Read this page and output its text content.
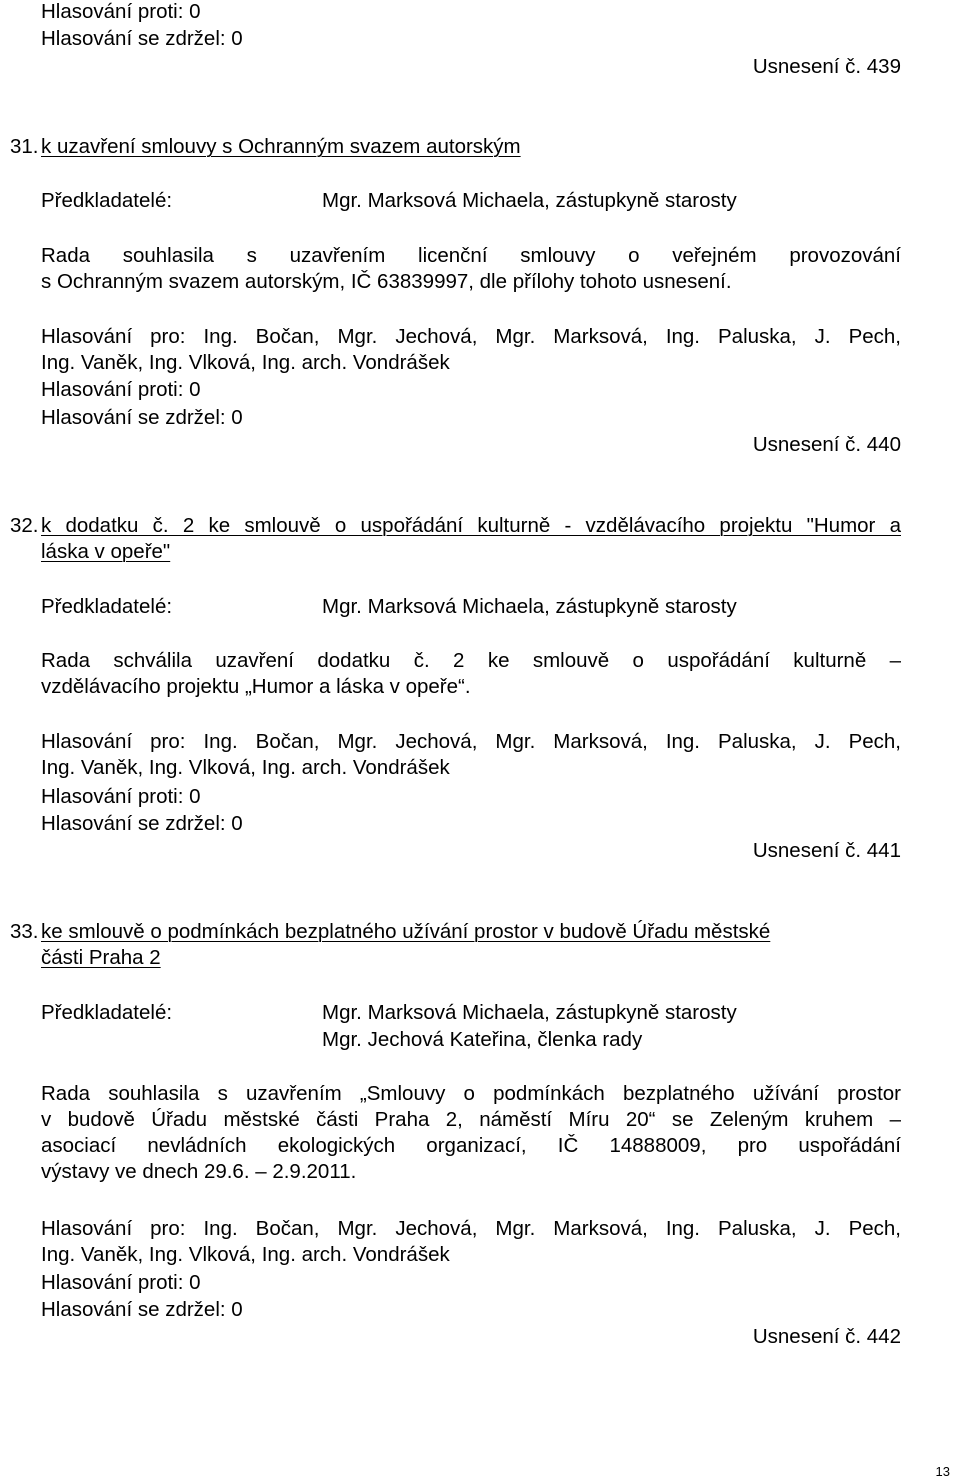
Hlasování proti: 0
Hlasování se zdržel: 0
Usnesení č. 439
31. k uzavření smlouvy s Ochranným svazem autorským
Předkladatelé:	Mgr. Marksová Michaela, zástupkyně starosty
Rada souhlasila s uzavřením licenční smlouvy o veřejném provozování
s Ochranným svazem autorským, IČ 63839997, dle přílohy tohoto usnesení.
Hlasování pro: Ing. Bočan, Mgr. Jechová, Mgr. Marksová, Ing. Paluska, J. Pech,
Ing. Vaněk, Ing. Vlková, Ing. arch. Vondrášek
Hlasování proti: 0
Hlasování se zdržel: 0
Usnesení č. 440
32. k dodatku č. 2 ke smlouvě o uspořádání kulturně - vzdělávacího projektu "Humor a
láska v opeře"
Předkladatelé:	Mgr. Marksová Michaela, zástupkyně starosty
Rada schválila uzavření dodatku č. 2 ke smlouvě o uspořádání kulturně –
vzdělávacího projektu „Humor a láska v opeře“.
Hlasování pro: Ing. Bočan, Mgr. Jechová, Mgr. Marksová, Ing. Paluska, J. Pech,
Ing. Vaněk, Ing. Vlková, Ing. arch. Vondrášek
Hlasování proti: 0
Hlasování se zdržel: 0
Usnesení č. 441
33. ke smlouvě o podmínkách bezplatného užívání prostor v budově Úřadu městské
části Praha 2
Předkladatelé:	Mgr. Marksová Michaela, zástupkyně starosty
Mgr. Jechová Kateřina, členka rady
Rada souhlasila s uzavřením „Smlouvy o podmínkách bezplatného užívání prostor
v budově Úřadu městské části Praha 2, náměstí Míru 20“ se Zeleným kruhem –
asociací nevládních ekologických organizací, IČ 14888009, pro uspořádání
výstavy ve dnech 29.6. – 2.9.2011.
Hlasování pro: Ing. Bočan, Mgr. Jechová, Mgr. Marksová, Ing. Paluska, J. Pech,
Ing. Vaněk, Ing. Vlková, Ing. arch. Vondrášek
Hlasování proti: 0
Hlasování se zdržel: 0
Usnesení č. 442
13
